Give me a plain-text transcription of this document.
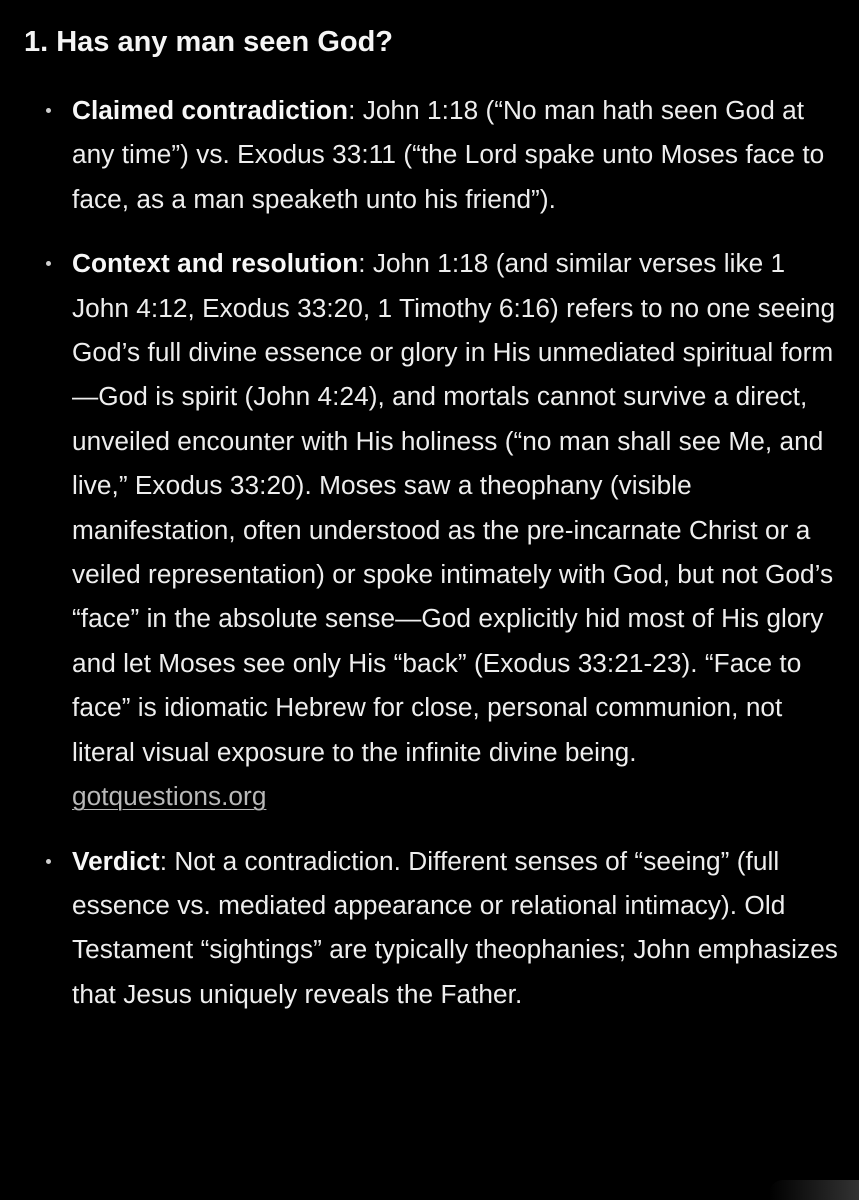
1. Has any man seen God?
Claimed contradiction: John 1:18 (“No man hath seen God at any time”) vs. Exodus 33:11 (“the Lord spake unto Moses face to face, as a man speaketh unto his friend”).
Context and resolution: John 1:18 (and similar verses like 1 John 4:12, Exodus 33:20, 1 Timothy 6:16) refers to no one seeing God’s full divine essence or glory in His unmediated spiritual form—God is spirit (John 4:24), and mortals cannot survive a direct, unveiled encounter with His holiness (“no man shall see Me, and live,” Exodus 33:20). Moses saw a theophany (visible manifestation, often understood as the pre-incarnate Christ or a veiled representation) or spoke intimately with God, but not God’s “face” in the absolute sense—God explicitly hid most of His glory and let Moses see only His “back” (Exodus 33:21-23). “Face to face” is idiomatic Hebrew for close, personal communion, not literal visual exposure to the infinite divine being.
gotquestions.org
Verdict: Not a contradiction. Different senses of “seeing” (full essence vs. mediated appearance or relational intimacy). Old Testament “sightings” are typically theophanies; John emphasizes that Jesus uniquely reveals the Father.
